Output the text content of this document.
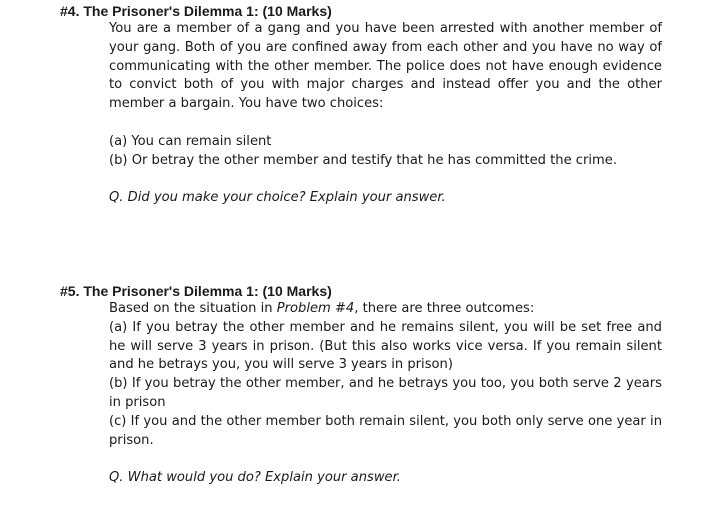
#4. The Prisoner's Dilemma 1: (10 Marks)

You are a member of a gang and you have been arrested with another member of your gang. Both of you are confined away from each other and you have no way of communicating with the other member. The police does not have enough evidence to convict both of you with major charges and instead offer you and the other member a bargain. You have two choices:

(a) You can remain silent

(b) Or betray the other member and testify that he has committed the crime.

Q. Did you make your choice? Explain your answer.

#5. The Prisoner's Dilemma 1: (10 Marks)

Based on the situation in Problem #4, there are three outcomes:

(a) If you betray the other member and he remains silent, you will be set free and he will serve 3 years in prison. (But this also works vice versa. If you remain silent and he betrays you, you will serve 3 years in prison)

(b) If you betray the other member, and he betrays you too, you both serve 2 years in prison

(c) If you and the other member both remain silent, you both only serve one year in prison.

Q. What would you do? Explain your answer.
